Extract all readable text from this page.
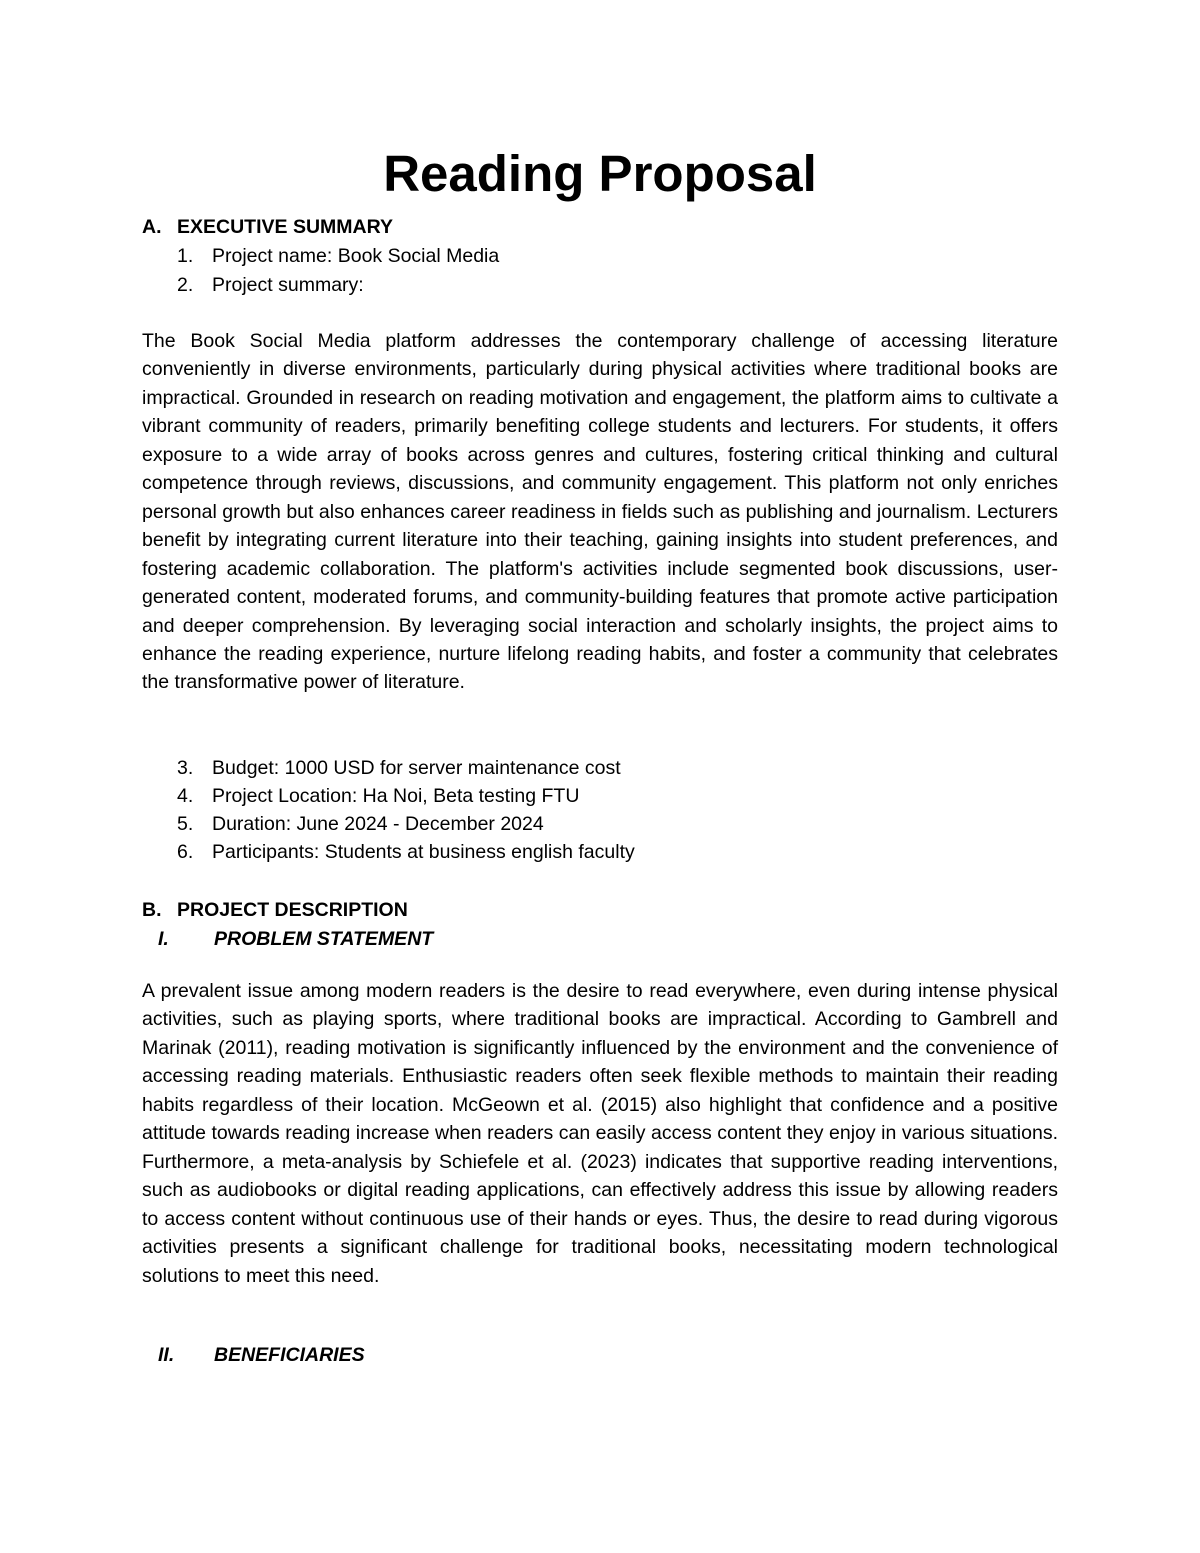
Reading Proposal
A. EXECUTIVE SUMMARY
1. Project name: Book Social Media
2. Project summary:

The Book Social Media platform addresses the contemporary challenge of accessing literature conveniently in diverse environments, particularly during physical activities where traditional books are impractical. Grounded in research on reading motivation and engagement, the platform aims to cultivate a vibrant community of readers, primarily benefiting college students and lecturers. For students, it offers exposure to a wide array of books across genres and cultures, fostering critical thinking and cultural competence through reviews, discussions, and community engagement. This platform not only enriches personal growth but also enhances career readiness in fields such as publishing and journalism. Lecturers benefit by integrating current literature into their teaching, gaining insights into student preferences, and fostering academic collaboration. The platform's activities include segmented book discussions, user-generated content, moderated forums, and community-building features that promote active participation and deeper comprehension. By leveraging social interaction and scholarly insights, the project aims to enhance the reading experience, nurture lifelong reading habits, and foster a community that celebrates the transformative power of literature.

3. Budget: 1000 USD for server maintenance cost
4. Project Location: Ha Noi, Beta testing FTU
5. Duration: June 2024 - December 2024
6. Participants: Students at business english faculty
B. PROJECT DESCRIPTION
I. PROBLEM STATEMENT

A prevalent issue among modern readers is the desire to read everywhere, even during intense physical activities, such as playing sports, where traditional books are impractical. According to Gambrell and Marinak (2011), reading motivation is significantly influenced by the environment and the convenience of accessing reading materials. Enthusiastic readers often seek flexible methods to maintain their reading habits regardless of their location. McGeown et al. (2015) also highlight that confidence and a positive attitude towards reading increase when readers can easily access content they enjoy in various situations. Furthermore, a meta-analysis by Schiefele et al. (2023) indicates that supportive reading interventions, such as audiobooks or digital reading applications, can effectively address this issue by allowing readers to access content without continuous use of their hands or eyes. Thus, the desire to read during vigorous activities presents a significant challenge for traditional books, necessitating modern technological solutions to meet this need.

II. BENEFICIARIES
